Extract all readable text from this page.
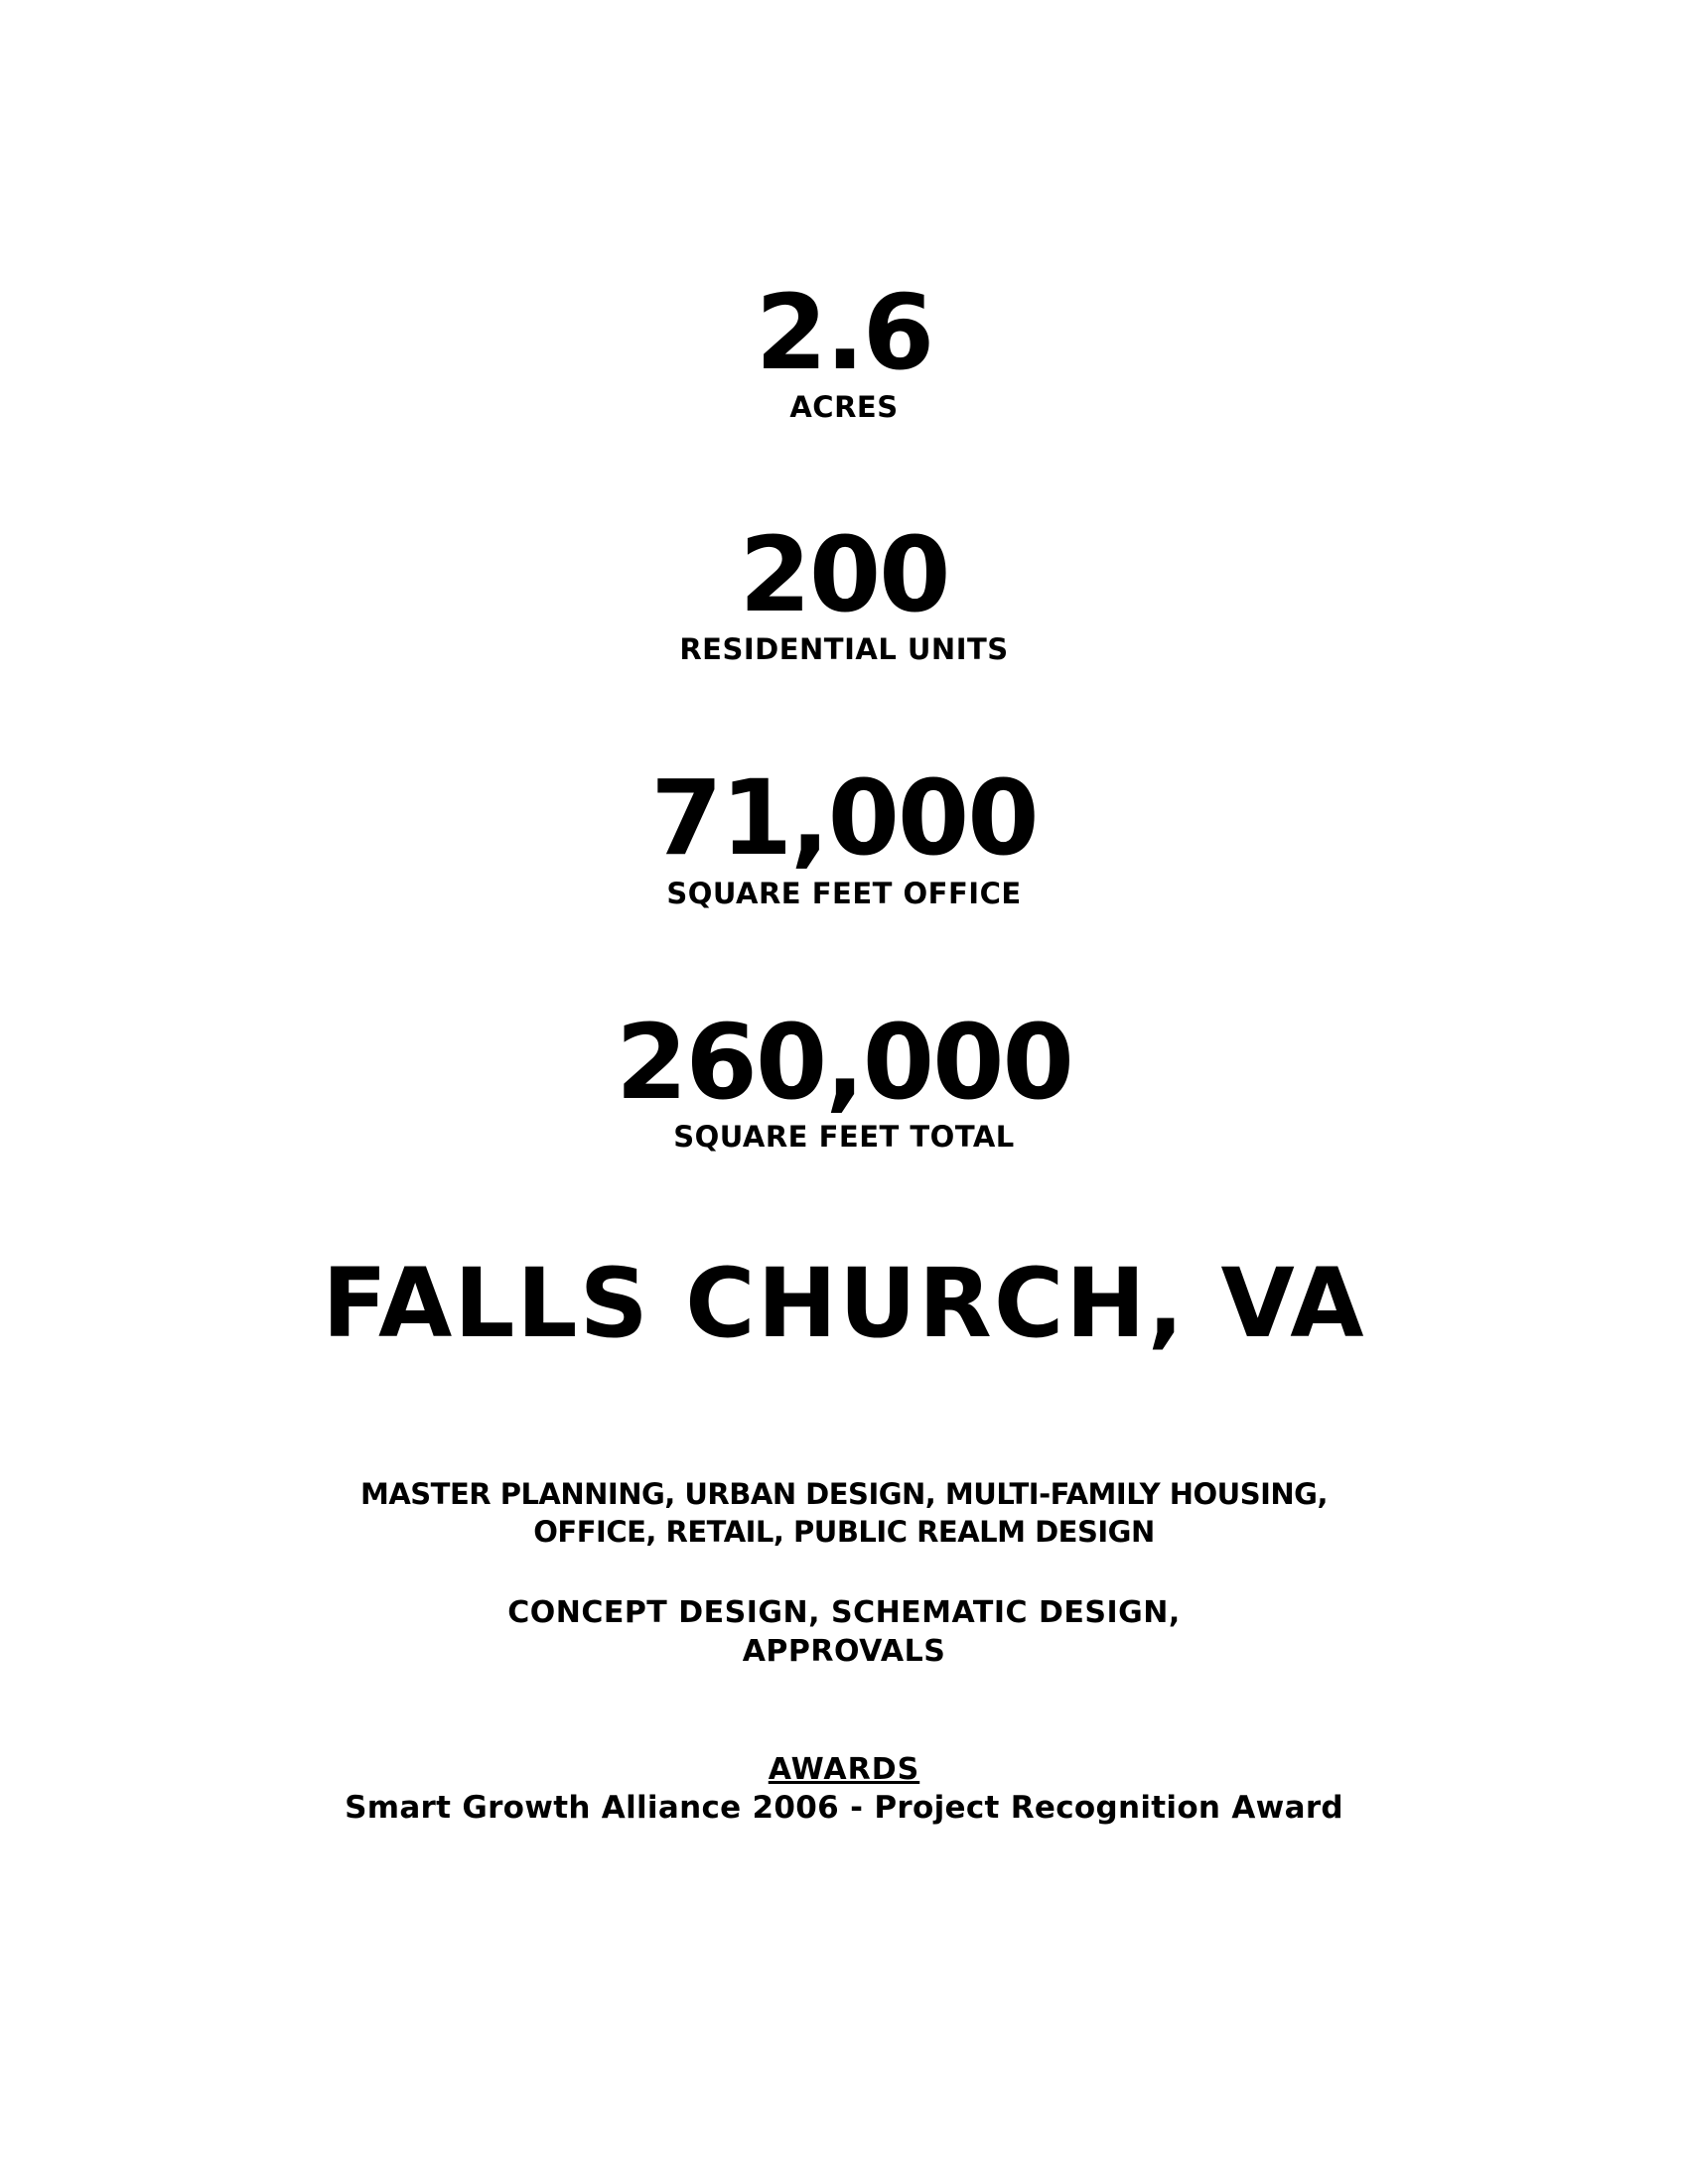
2.6
ACRES
200
RESIDENTIAL UNITS
71,000
SQUARE FEET OFFICE
260,000
SQUARE FEET TOTAL
FALLS CHURCH, VA
MASTER PLANNING, URBAN DESIGN, MULTI-FAMILY HOUSING,
OFFICE, RETAIL, PUBLIC REALM DESIGN
CONCEPT DESIGN, SCHEMATIC DESIGN,
APPROVALS
AWARDS
Smart Growth Alliance 2006 - Project Recognition Award
